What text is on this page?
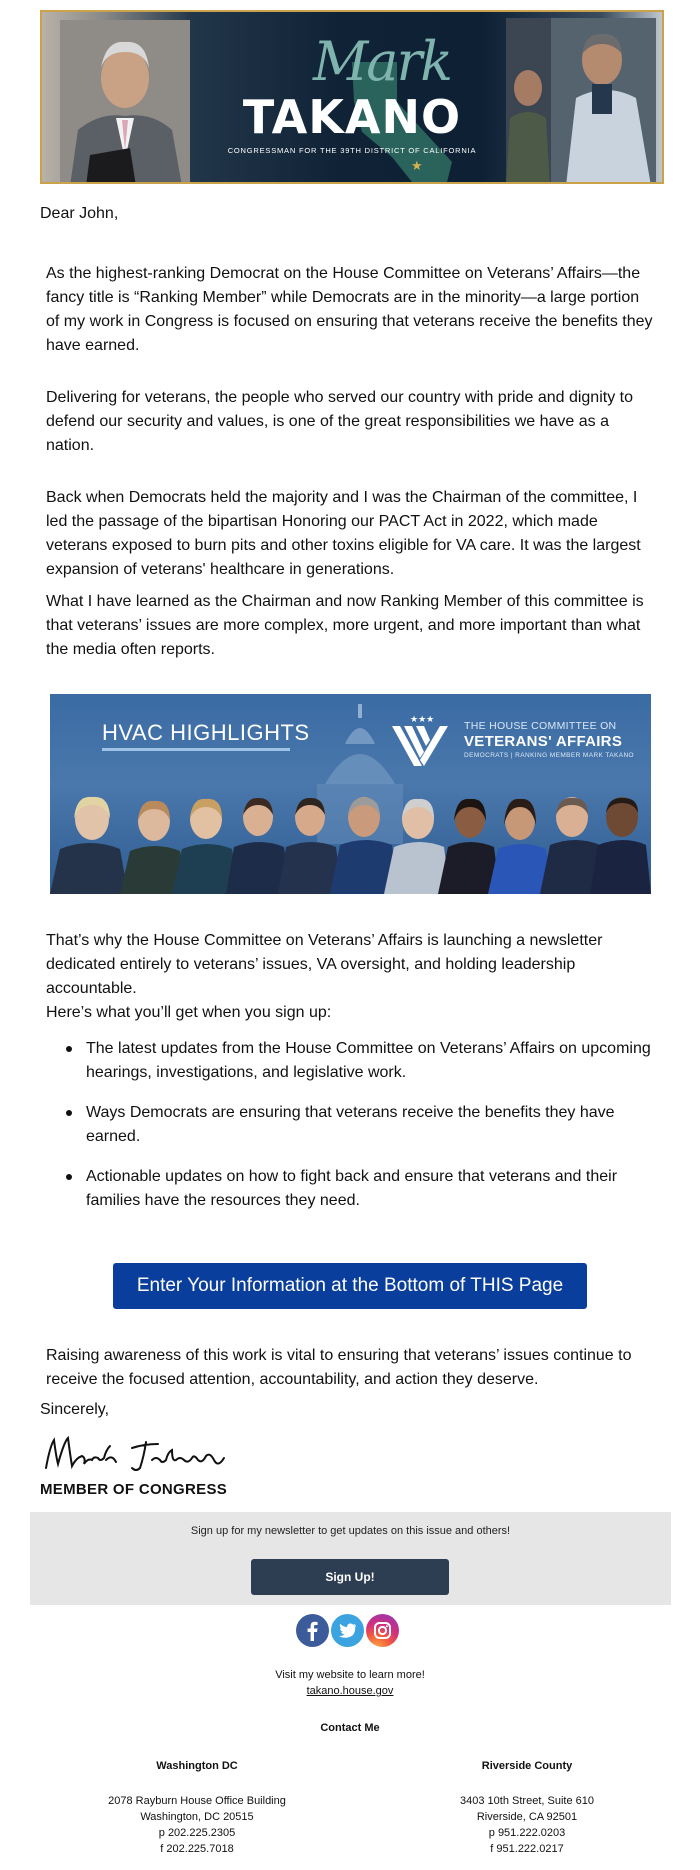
Mark
TAKANO
CONGRESSMAN FOR THE 39TH DISTRICT OF CALIFORNIA
★
Dear John,

As the highest-ranking Democrat on the House Committee on Veterans’ Affairs—the fancy title is “Ranking Member” while Democrats are in the minority—a large portion of my work in Congress is focused on ensuring that veterans receive the benefits they have earned.

Delivering for veterans, the people who served our country with pride and dignity to defend our security and values, is one of the great responsibilities we have as a nation.

Back when Democrats held the majority and I was the Chairman of the committee, I led the passage of the bipartisan Honoring our PACT Act in 2022, which made veterans exposed to burn pits and other toxins eligible for VA care. It was the largest expansion of veterans' healthcare in generations.

What I have learned as the Chairman and now Ranking Member of this committee is that veterans’ issues are more complex, more urgent, and more important than what the media often reports.

HVAC HIGHLIGHTS
★★★
THE HOUSE COMMITTEE ON
VETERANS' AFFAIRS
DEMOCRATS | RANKING MEMBER MARK TAKANO

That’s why the House Committee on Veterans’ Affairs is launching a newsletter dedicated entirely to veterans’ issues, VA oversight, and holding leadership accountable.

Here’s what you’ll get when you sign up:

The latest updates from the House Committee on Veterans’ Affairs on upcoming hearings, investigations, and legislative work.
Ways Democrats are ensuring that veterans receive the benefits they have earned.
Actionable updates on how to fight back and ensure that veterans and their families have the resources they need.
Enter Your Information at the Bottom of THIS Page

Raising awareness of this work is vital to ensuring that veterans’ issues continue to receive the focused attention, accountability, and action they deserve.

Sincerely,
MEMBER OF CONGRESS
Sign up for my newsletter to get updates on this issue and others!
Sign Up!
Visit my website to learn more!
takano.house.gov
Contact Me
Washington DC
2078 Rayburn House Office Building
Washington, DC 20515
p 202.225.2305
f 202.225.7018
Riverside County
3403 10th Street, Suite 610
Riverside, CA 92501
p 951.222.0203
f 951.222.0217
